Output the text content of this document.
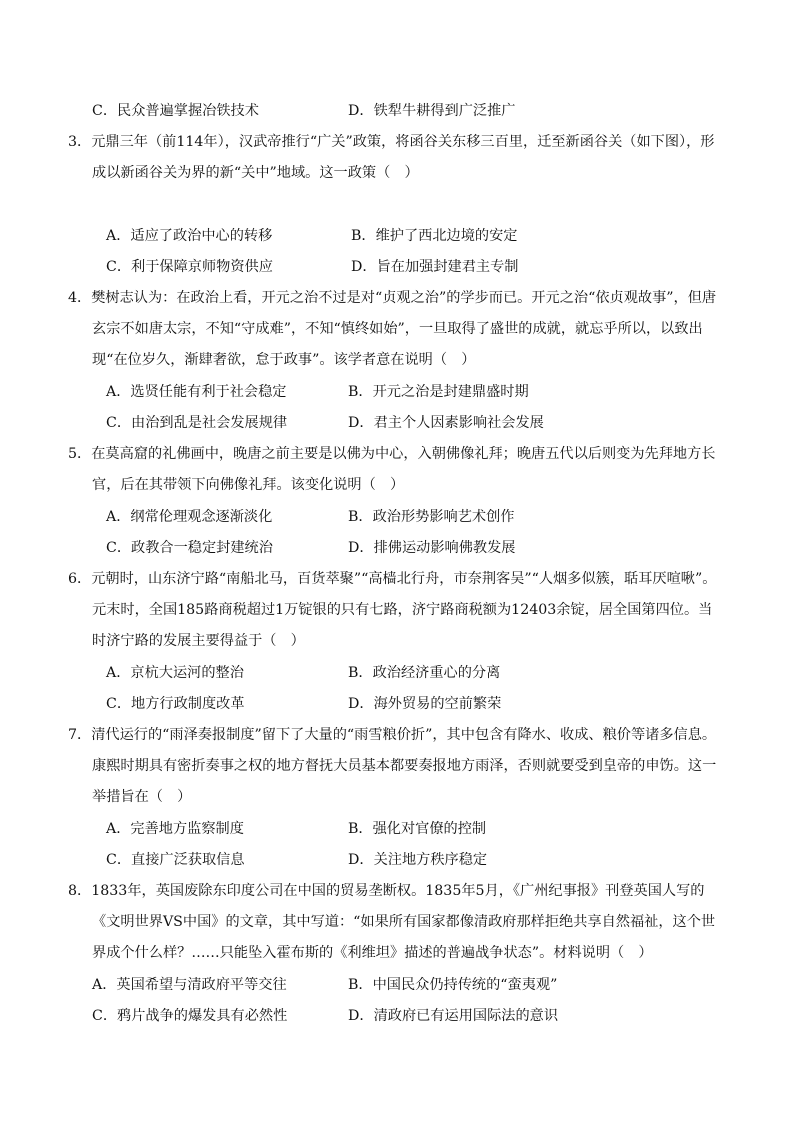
C．民众普遍掌握冶铁技术	D．铁犁牛耕得到广泛推广
3．元鼎三年（前114年），汉武帝推行“广关”政策，将函谷关东移三百里，迁至新函谷关（如下图），形成以新函谷关为界的新“关中”地域。这一政策（　）
A．适应了政治中心的转移	B．维护了西北边境的安定
C．利于保障京师物资供应	D．旨在加强封建君主专制
4．樊树志认为：在政治上看，开元之治不过是对“贞观之治”的学步而已。开元之治“依贞观故事”，但唐玄宗不如唐太宗，不知“守成难”，不知“慎终如始”，一旦取得了盛世的成就，就忘乎所以，以致出现“在位岁久，渐肆奢欲，怠于政事”。该学者意在说明（　）
A．选贤任能有利于社会稳定	B．开元之治是封建鼎盛时期
C．由治到乱是社会发展规律	D．君主个人因素影响社会发展
5．在莫高窟的礼佛画中，晚唐之前主要是以佛为中心，入朝佛像礼拜；晚唐五代以后则变为先拜地方长官，后在其带领下向佛像礼拜。该变化说明（　）
A．纲常伦理观念逐渐淡化	B．政治形势影响艺术创作
C．政教合一稳定封建统治	D．排佛运动影响佛教发展
6．元朝时，山东济宁路“南船北马，百货萃聚”“高樯北行舟，市奈荆客吴”“人烟多似簇，聒耳厌喧啾”。元末时，全国185路商税超过1万锭银的只有七路，济宁路商税额为12403余锭，居全国第四位。当时济宁路的发展主要得益于（　）
A．京杭大运河的整治	B．政治经济重心的分离
C．地方行政制度改革	D．海外贸易的空前繁荣
7．清代运行的“雨泽奏报制度”留下了大量的“雨雪粮价折”，其中包含有降水、收成、粮价等诸多信息。康熙时期具有密折奏事之权的地方督抚大员基本都要奏报地方雨泽，否则就要受到皇帝的申饬。这一举措旨在（　）
A．完善地方监察制度	B．强化对官僚的控制
C．直接广泛获取信息	D．关注地方秩序稳定
8．1833年，英国废除东印度公司在中国的贸易垄断权。1835年5月，《广州纪事报》刊登英国人写的《文明世界VS中国》的文章，其中写道：“如果所有国家都像清政府那样拒绝共享自然福祉，这个世界成个什么样？……只能坠入霍布斯的《利维坦》描述的普遍战争状态”。材料说明（　）
A．英国希望与清政府平等交往	B．中国民众仍持传统的“蛮夷观”
C．鸦片战争的爆发具有必然性	D．清政府已有运用国际法的意识
